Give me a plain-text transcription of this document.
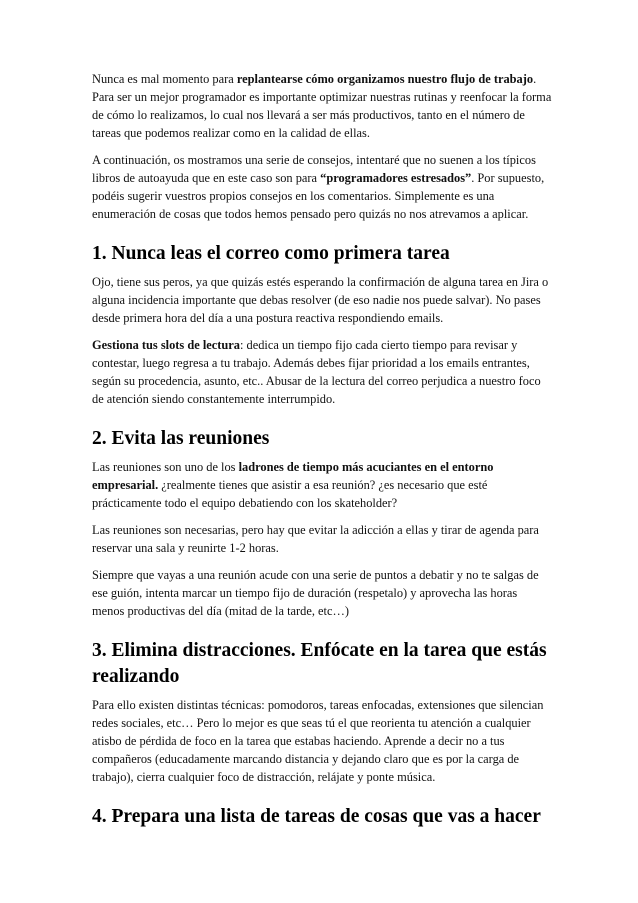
Nunca es mal momento para replantearse cómo organizamos nuestro flujo de trabajo. Para ser un mejor programador es importante optimizar nuestras rutinas y reenfocar la forma de cómo lo realizamos, lo cual nos llevará a ser más productivos, tanto en el número de tareas que podemos realizar como en la calidad de ellas.

A continuación, os mostramos una serie de consejos, intentaré que no suenen a los típicos libros de autoayuda que en este caso son para “programadores estresados”. Por supuesto, podéis sugerir vuestros propios consejos en los comentarios. Simplemente es una enumeración de cosas que todos hemos pensado pero quizás no nos atrevamos a aplicar.

1. Nunca leas el correo como primera tarea

Ojo, tiene sus peros, ya que quizás estés esperando la confirmación de alguna tarea en Jira o alguna incidencia importante que debas resolver (de eso nadie nos puede salvar). No pases desde primera hora del día a una postura reactiva respondiendo emails.

Gestiona tus slots de lectura: dedica un tiempo fijo cada cierto tiempo para revisar y contestar, luego regresa a tu trabajo. Además debes fijar prioridad a los emails entrantes, según su procedencia, asunto, etc.. Abusar de la lectura del correo perjudica a nuestro foco de atención siendo constantemente interrumpido.

2. Evita las reuniones

Las reuniones son uno de los ladrones de tiempo más acuciantes en el entorno empresarial. ¿realmente tienes que asistir a esa reunión? ¿es necesario que esté prácticamente todo el equipo debatiendo con los skateholder?

Las reuniones son necesarias, pero hay que evitar la adicción a ellas y tirar de agenda para reservar una sala y reunirte 1-2 horas.

Siempre que vayas a una reunión acude con una serie de puntos a debatir y no te salgas de ese guión, intenta marcar un tiempo fijo de duración (respetalo) y aprovecha las horas menos productivas del día (mitad de la tarde, etc…)

3. Elimina distracciones. Enfócate en la tarea que estás realizando

Para ello existen distintas técnicas: pomodoros, tareas enfocadas, extensiones que silencian redes sociales, etc… Pero lo mejor es que seas tú el que reorienta tu atención a cualquier atisbo de pérdida de foco en la tarea que estabas haciendo. Aprende a decir no a tus compañeros (educadamente marcando distancia y dejando claro que es por la carga de trabajo), cierra cualquier foco de distracción, relájate y ponte música.

4. Prepara una lista de tareas de cosas que vas a hacer
